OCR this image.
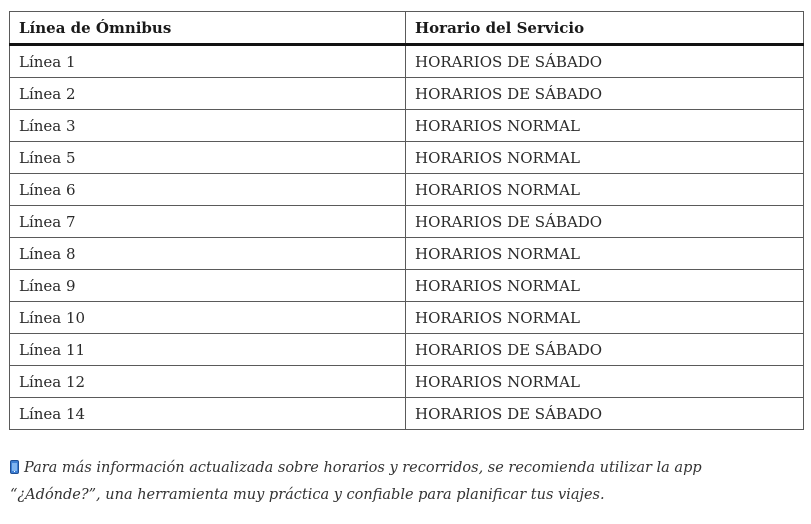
Línea de Ómnibus	Horario del Servicio
Línea 1	HORARIOS DE SÁBADO
Línea 2	HORARIOS DE SÁBADO
Línea 3	HORARIOS NORMAL
Línea 5	HORARIOS NORMAL
Línea 6	HORARIOS NORMAL
Línea 7	HORARIOS DE SÁBADO
Línea 8	HORARIOS NORMAL
Línea 9	HORARIOS NORMAL
Línea 10	HORARIOS NORMAL
Línea 11	HORARIOS DE SÁBADO
Línea 12	HORARIOS NORMAL
Línea 14	HORARIOS DE SÁBADO
Para más información actualizada sobre horarios y recorridos, se recomienda utilizar la app
“¿Adónde?”, una herramienta muy práctica y confiable para planificar tus viajes.
